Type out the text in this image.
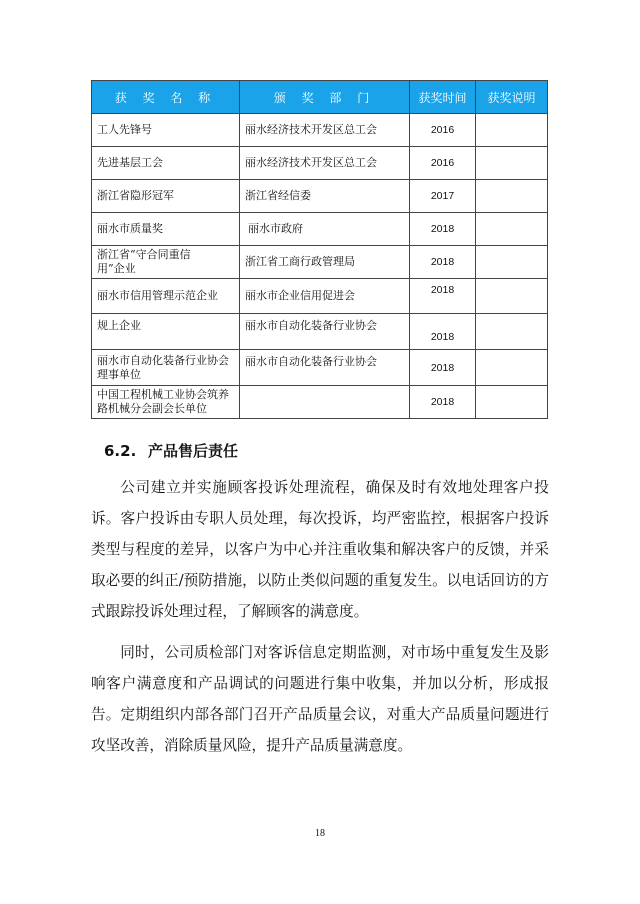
获 奖 名 称	颁 奖 部 门	获奖时间	获奖说明
工人先锋号	丽水经济技术开发区总工会	2016	
先进基层工会	丽水经济技术开发区总工会	2016	
浙江省隐形冠军	浙江省经信委	2017	
丽水市质量奖	丽水市政府	2018	
浙江省“守合同重信用”企业	浙江省工商行政管理局	2018	
丽水市信用管理示范企业	丽水市企业信用促进会	2018	
规上企业	丽水市自动化装备行业协会	2018	
丽水市自动化装备行业协会理事单位	丽水市自动化装备行业协会	2018	
中国工程机械工业协会筑养路机械分会副会长单位		2018	
6.2. 产品售后责任

公司建立并实施顾客投诉处理流程，确保及时有效地处理客户投诉。客户投诉由专职人员处理，每次投诉，均严密监控，根据客户投诉类型与程度的差异，以客户为中心并注重收集和解决客户的反馈，并采取必要的纠正/预防措施，以防止类似问题的重复发生。以电话回访的方式跟踪投诉处理过程，了解顾客的满意度。

同时，公司质检部门对客诉信息定期监测，对市场中重复发生及影响客户满意度和产品调试的问题进行集中收集，并加以分析，形成报告。定期组织内部各部门召开产品质量会议，对重大产品质量问题进行攻坚改善，消除质量风险，提升产品质量满意度。

18
